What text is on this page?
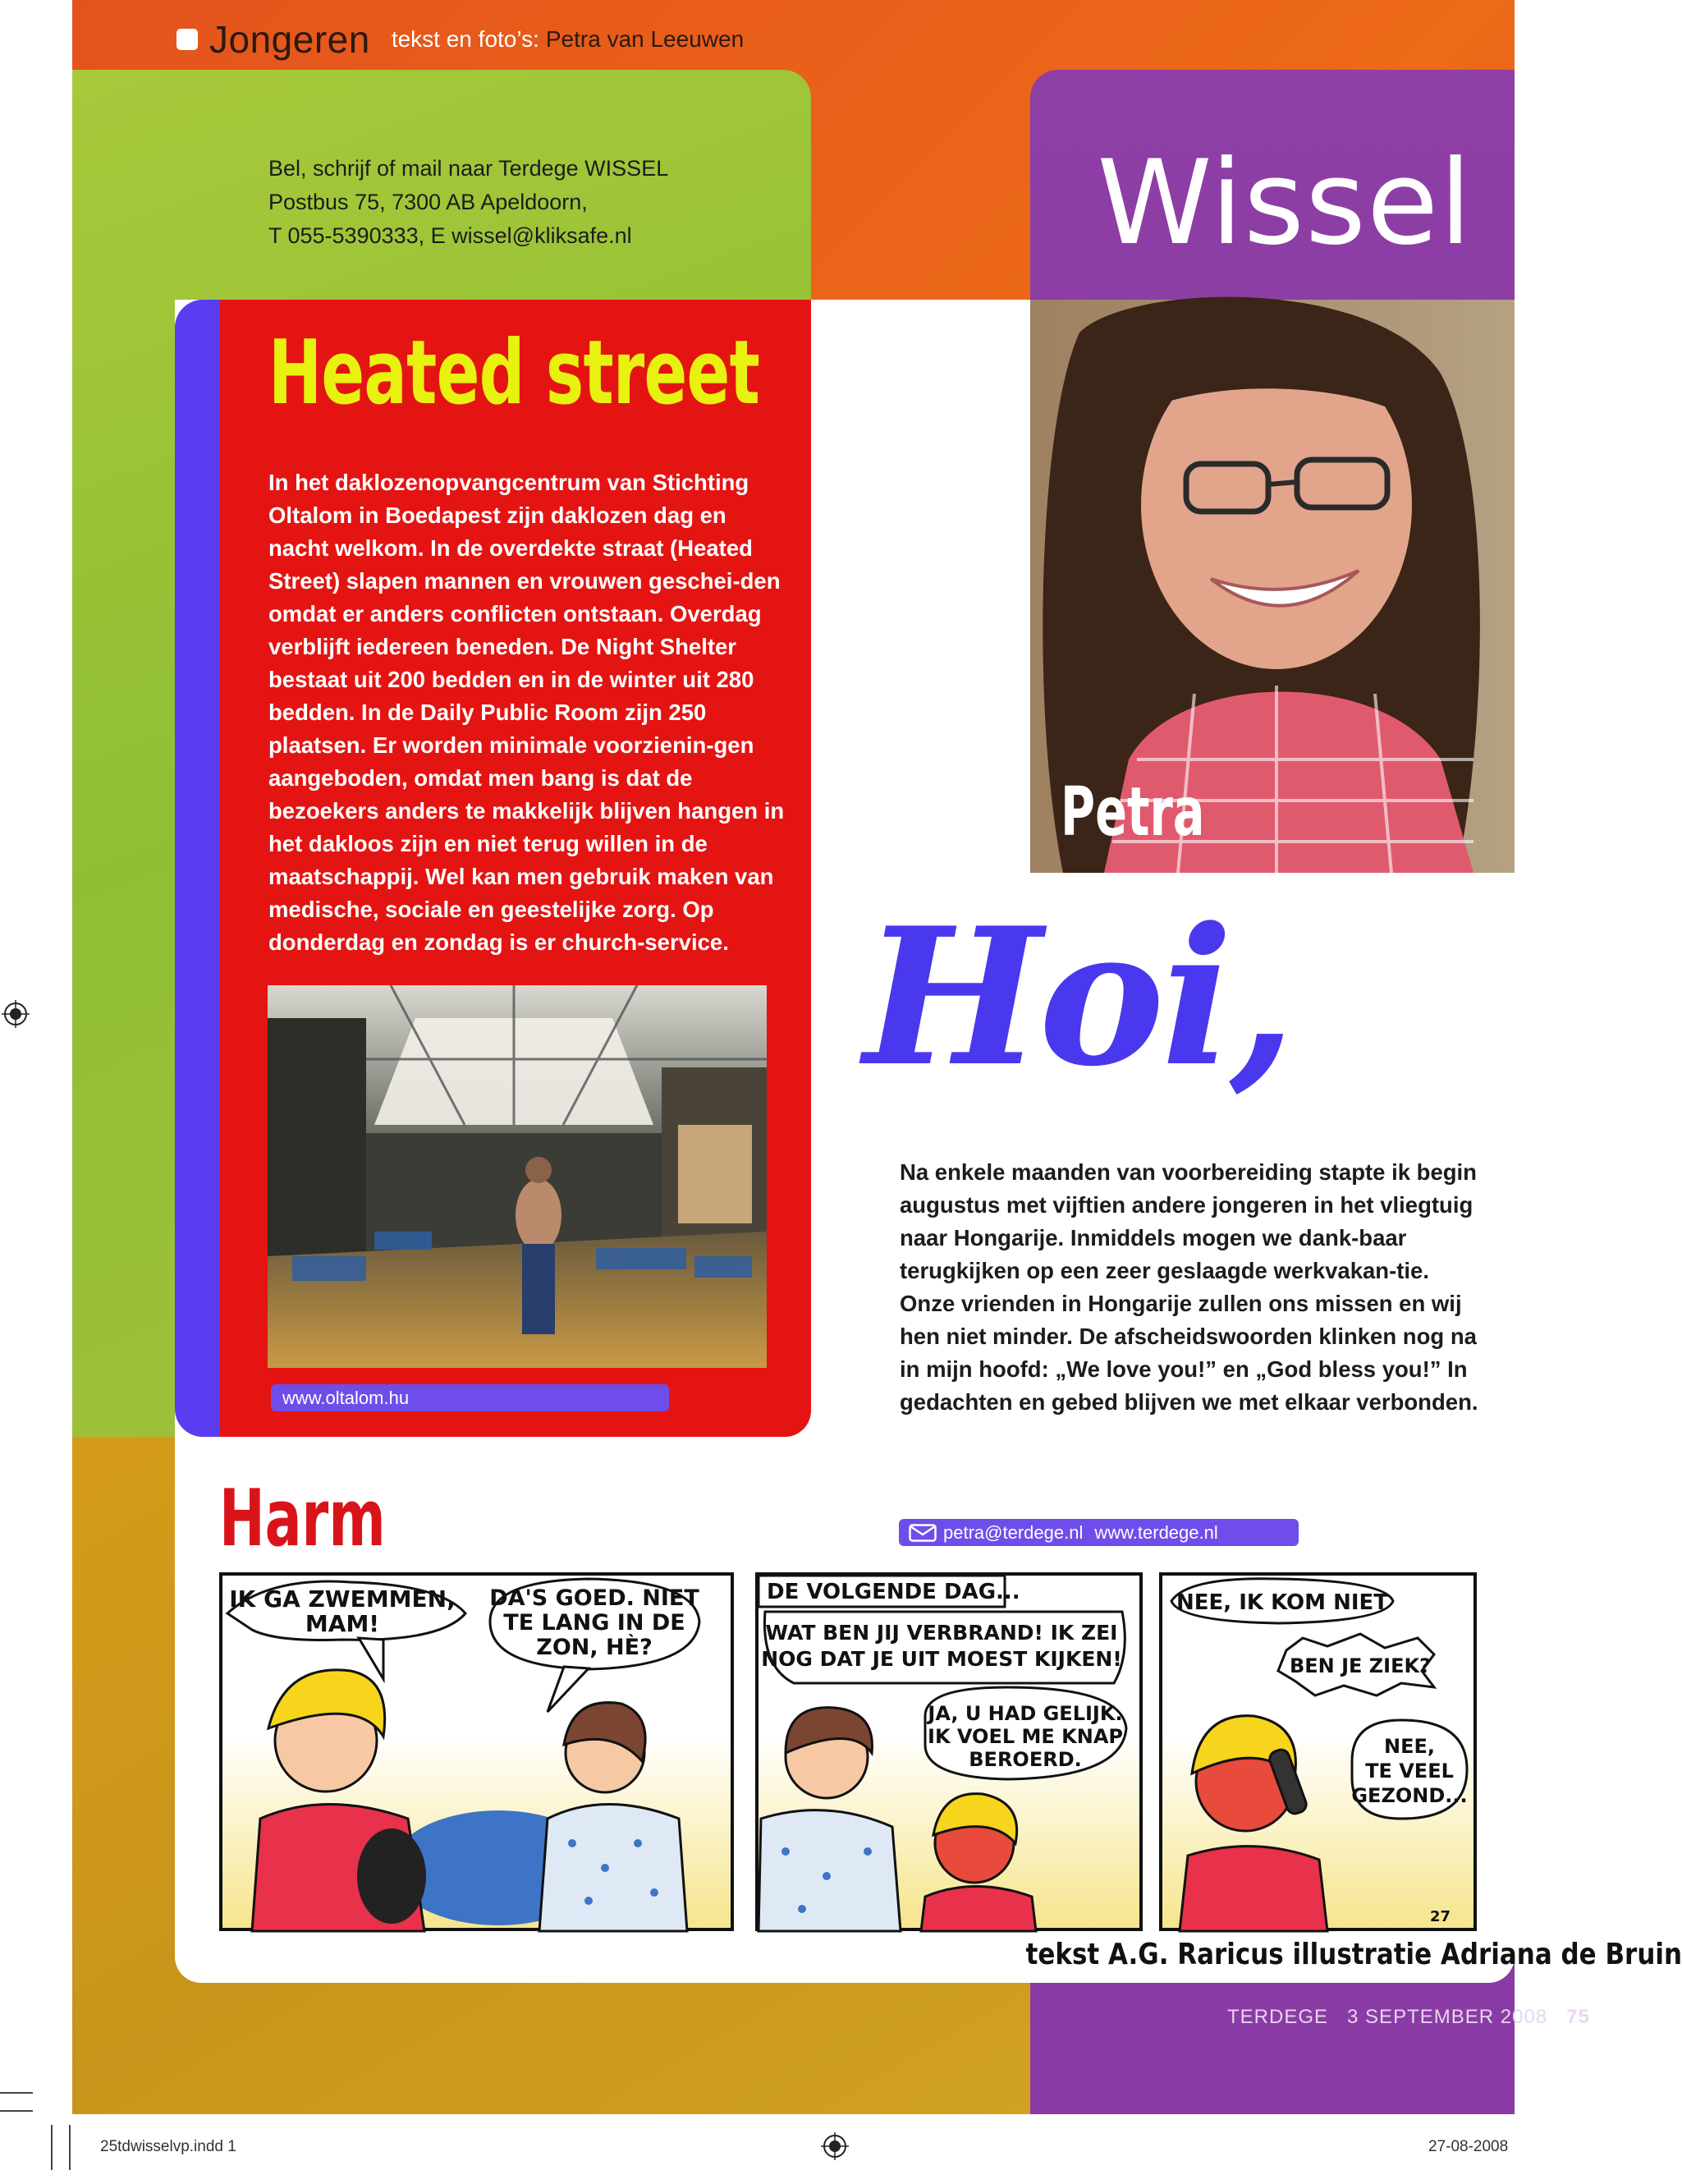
Jongeren tekst en foto’s: Petra van Leeuwen
Bel, schrijf of mail naar Terdege WISSEL
Postbus 75, 7300 AB Apeldoorn,
T 055-5390333, E wissel@kliksafe.nl	Wissel
Heated street
In het daklozenopvangcentrum van Stichting Oltalom in Boedapest zijn daklozen dag en nacht welkom. In de overdekte straat (Heated Street) slapen mannen en vrouwen geschei-den omdat er anders conflicten ontstaan. Overdag verblijft iedereen beneden. De Night Shelter bestaat uit 200 bedden en in de winter uit 280 bedden. In de Daily Public Room zijn 250 plaatsen. Er worden minimale voorzienin-gen aangeboden, omdat men bang is dat de bezoekers anders te makkelijk blijven hangen in het dakloos zijn en niet terug willen in de maatschappij. Wel kan men gebruik maken van medische, sociale en geestelijke zorg. Op donderdag en zondag is er church-service.
www.oltalom.hu
Petra
Hoi,
Na enkele maanden van voorbereiding stapte ik begin augustus met vijftien andere jongeren in het vliegtuig naar Hongarije. Inmiddels mogen we dank-baar terugkijken op een zeer geslaagde werkvakan-tie. Onze vrienden in Hongarije zullen ons missen en wij hen niet minder. De afscheidswoorden klinken nog na in mijn hoofd: „We love you!” en „God bless you!” In gedachten en gebed blijven we met elkaar verbonden.
petra@terdege.nl www.terdege.nl
Harm
IK GA ZWEMMEN,
MAM!
DA'S GOED. NIET
TE LANG IN DE
ZON, HÈ?
DE VOLGENDE DAG...
WAT BEN JIJ VERBRAND! IK ZEI
NOG DAT JE UIT MOEST KIJKEN!
JA, U HAD GELIJK.
IK VOEL ME KNAP
BEROERD.
NEE, IK KOM NIET
BEN JE ZIEK?
NEE,
TE VEEL
GEZOND...
27
tekst A.G. Raricus illustratie Adriana de Bruin
TERDEGE 3 SEPTEMBER 2008 75
25tdwisselvp.indd 1	27-08-2008
